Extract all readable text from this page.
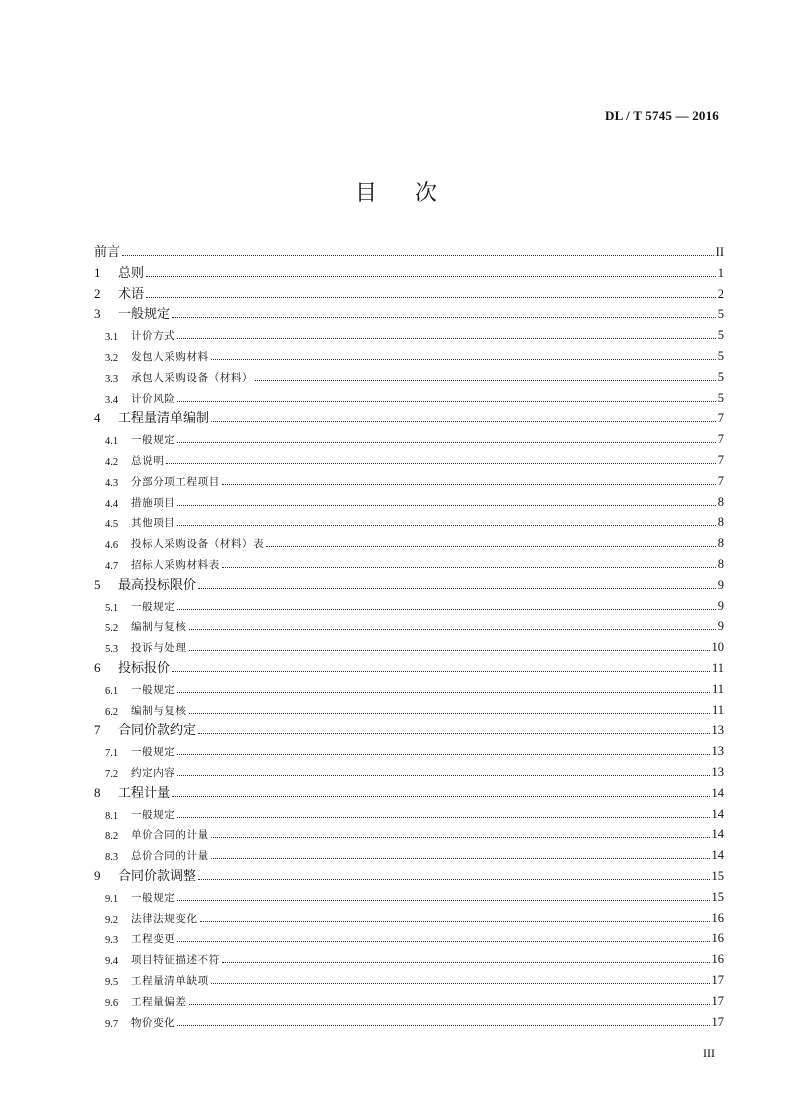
DL / T 5745 — 2016
目次
前言	II
1	总则	1
2	术语	2
3	一般规定	5
3.1	计价方式	5
3.2	发包人采购材料	5
3.3	承包人采购设备（材料）	5
3.4	计价风险	5
4	工程量清单编制	7
4.1	一般规定	7
4.2	总说明	7
4.3	分部分项工程项目	7
4.4	措施项目	8
4.5	其他项目	8
4.6	投标人采购设备（材料）表	8
4.7	招标人采购材料表	8
5	最高投标限价	9
5.1	一般规定	9
5.2	编制与复核	9
5.3	投诉与处理	10
6	投标报价	11
6.1	一般规定	11
6.2	编制与复核	11
7	合同价款约定	13
7.1	一般规定	13
7.2	约定内容	13
8	工程计量	14
8.1	一般规定	14
8.2	单价合同的计量	14
8.3	总价合同的计量	14
9	合同价款调整	15
9.1	一般规定	15
9.2	法律法规变化	16
9.3	工程变更	16
9.4	项目特征描述不符	16
9.5	工程量清单缺项	17
9.6	工程量偏差	17
9.7	物价变化	17
III
